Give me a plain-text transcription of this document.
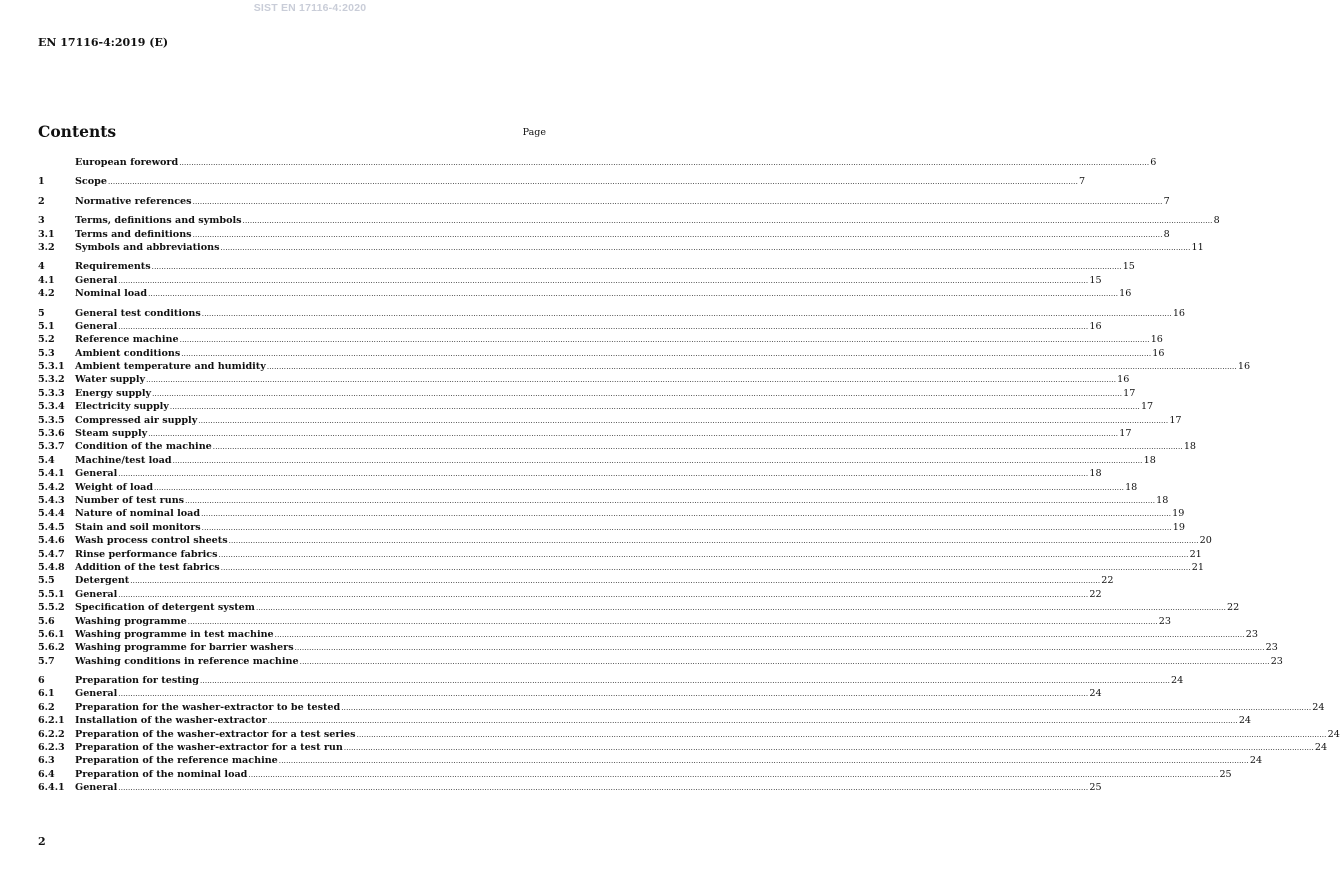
SIST EN 17116-4:2020
EN 17116-4:2019 (E)
Contents	Page
European foreword ................................................................................................................................................................................................................................................................................................................................................................................................................ 6
1	Scope ................................................................................................................................................................................................................................................................................................................................................................................................................ 7
2	Normative references ................................................................................................................................................................................................................................................................................................................................................................................................................ 7
3	Terms, definitions and symbols ................................................................................................................................................................................................................................................................................................................................................................................................................ 8
3.1	Terms and definitions ................................................................................................................................................................................................................................................................................................................................................................................................................ 8
3.2	Symbols and abbreviations ................................................................................................................................................................................................................................................................................................................................................................................................................ 11
4	Requirements ................................................................................................................................................................................................................................................................................................................................................................................................................ 15
4.1	General ................................................................................................................................................................................................................................................................................................................................................................................................................ 15
4.2	Nominal load ................................................................................................................................................................................................................................................................................................................................................................................................................ 16
5	General test conditions ................................................................................................................................................................................................................................................................................................................................................................................................................ 16
5.1	General ................................................................................................................................................................................................................................................................................................................................................................................................................ 16
5.2	Reference machine ................................................................................................................................................................................................................................................................................................................................................................................................................ 16
5.3	Ambient conditions ................................................................................................................................................................................................................................................................................................................................................................................................................ 16
5.3.1	Ambient temperature and humidity ................................................................................................................................................................................................................................................................................................................................................................................................................ 16
5.3.2	Water supply ................................................................................................................................................................................................................................................................................................................................................................................................................ 16
5.3.3	Energy supply ................................................................................................................................................................................................................................................................................................................................................................................................................ 17
5.3.4	Electricity supply ................................................................................................................................................................................................................................................................................................................................................................................................................ 17
5.3.5	Compressed air supply ................................................................................................................................................................................................................................................................................................................................................................................................................ 17
5.3.6	Steam supply ................................................................................................................................................................................................................................................................................................................................................................................................................ 17
5.3.7	Condition of the machine ................................................................................................................................................................................................................................................................................................................................................................................................................ 18
5.4	Machine/test load ................................................................................................................................................................................................................................................................................................................................................................................................................ 18
5.4.1	General ................................................................................................................................................................................................................................................................................................................................................................................................................ 18
5.4.2	Weight of load ................................................................................................................................................................................................................................................................................................................................................................................................................ 18
5.4.3	Number of test runs ................................................................................................................................................................................................................................................................................................................................................................................................................ 18
5.4.4	Nature of nominal load ................................................................................................................................................................................................................................................................................................................................................................................................................ 19
5.4.5	Stain and soil monitors ................................................................................................................................................................................................................................................................................................................................................................................................................ 19
5.4.6	Wash process control sheets ................................................................................................................................................................................................................................................................................................................................................................................................................ 20
5.4.7	Rinse performance fabrics ................................................................................................................................................................................................................................................................................................................................................................................................................ 21
5.4.8	Addition of the test fabrics ................................................................................................................................................................................................................................................................................................................................................................................................................ 21
5.5	Detergent ................................................................................................................................................................................................................................................................................................................................................................................................................ 22
5.5.1	General ................................................................................................................................................................................................................................................................................................................................................................................................................ 22
5.5.2	Specification of detergent system ................................................................................................................................................................................................................................................................................................................................................................................................................ 22
5.6	Washing programme ................................................................................................................................................................................................................................................................................................................................................................................................................ 23
5.6.1	Washing programme in test machine ................................................................................................................................................................................................................................................................................................................................................................................................................ 23
5.6.2	Washing programme for barrier washers ................................................................................................................................................................................................................................................................................................................................................................................................................ 23
5.7	Washing conditions in reference machine ................................................................................................................................................................................................................................................................................................................................................................................................................ 23
6	Preparation for testing ................................................................................................................................................................................................................................................................................................................................................................................................................ 24
6.1	General ................................................................................................................................................................................................................................................................................................................................................................................................................ 24
6.2	Preparation for the washer-extractor to be tested ................................................................................................................................................................................................................................................................................................................................................................................................................ 24
6.2.1	Installation of the washer-extractor ................................................................................................................................................................................................................................................................................................................................................................................................................ 24
6.2.2	Preparation of the washer-extractor for a test series ................................................................................................................................................................................................................................................................................................................................................................................................................ 24
6.2.3	Preparation of the washer-extractor for a test run ................................................................................................................................................................................................................................................................................................................................................................................................................ 24
6.3	Preparation of the reference machine ................................................................................................................................................................................................................................................................................................................................................................................................................ 24
6.4	Preparation of the nominal load ................................................................................................................................................................................................................................................................................................................................................................................................................ 25
6.4.1	General ................................................................................................................................................................................................................................................................................................................................................................................................................ 25
2
